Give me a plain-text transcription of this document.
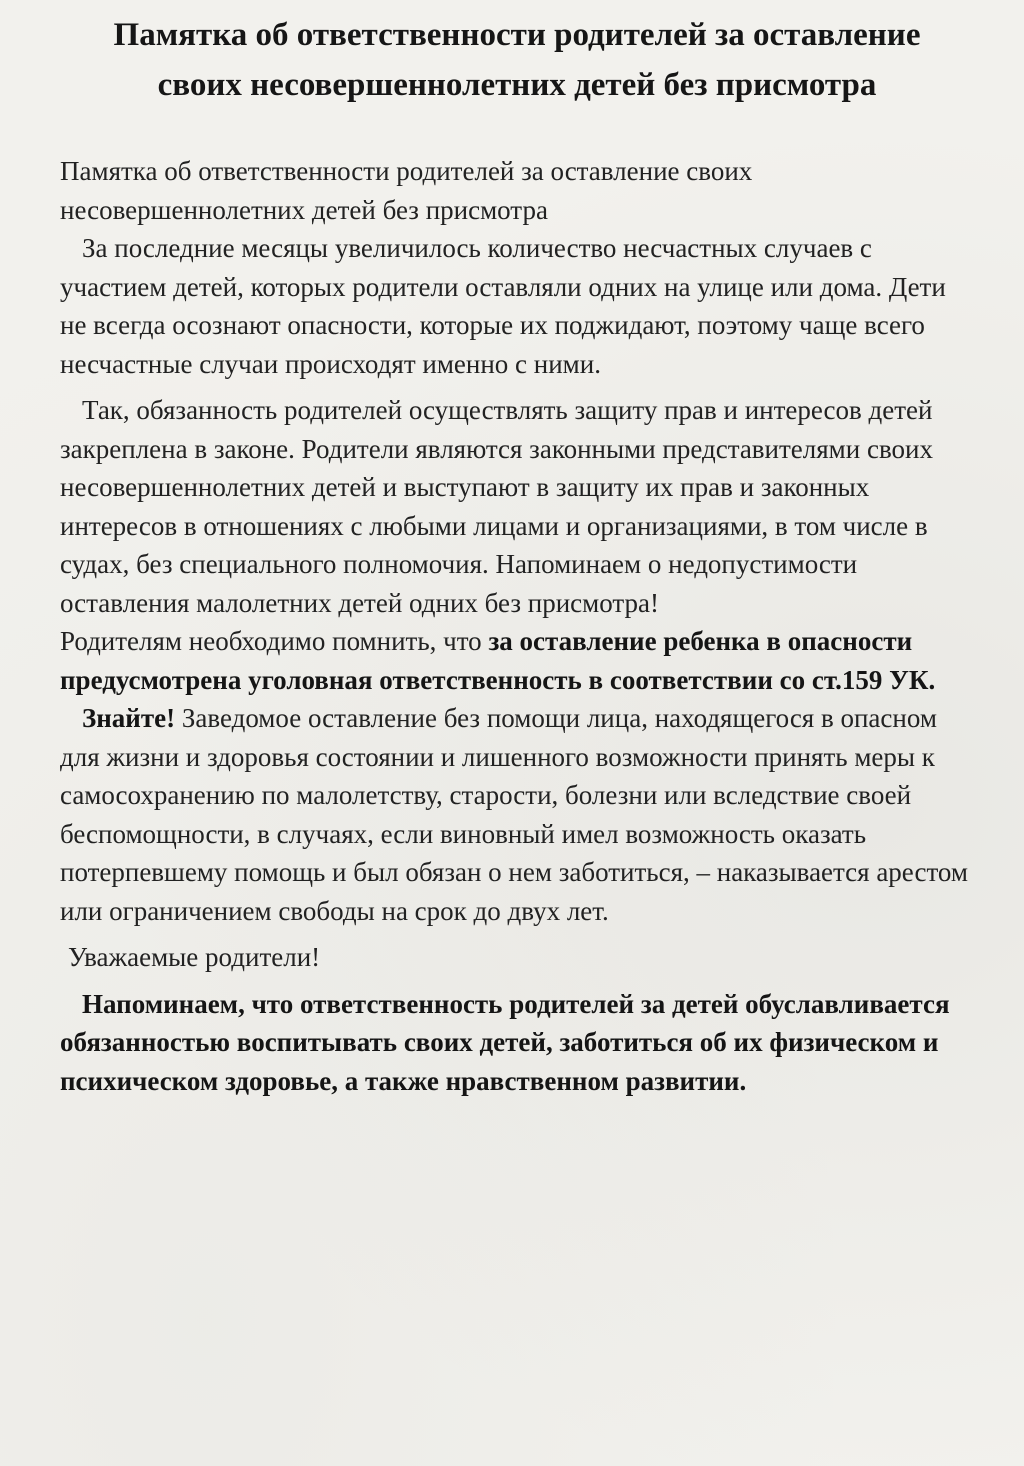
Памятка об ответственности родителей за оставление своих несовершеннолетних детей без присмотра

Памятка об ответственности родителей за оставление своих несовершеннолетних детей без присмотра

За последние месяцы увеличилось количество несчастных случаев с участием детей, которых родители оставляли одних на улице или дома. Дети не всегда осознают опасности, которые их поджидают, поэтому чаще всего несчастные случаи происходят именно с ними.

Так, обязанность родителей осуществлять защиту прав и интересов детей закреплена в законе. Родители являются законными представителями своих несовершеннолетних детей и выступают в защиту их прав и законных интересов в отношениях с любыми лицами и организациями, в том числе в судах, без специального полномочия. Напоминаем о недопустимости оставления малолетних детей одних без присмотра!

Родителям необходимо помнить, что за оставление ребенка в опасности предусмотрена уголовная ответственность в соответствии со ст.159 УК.

Знайте! Заведомое оставление без помощи лица, находящегося в опасном для жизни и здоровья состоянии и лишенного возможности принять меры к самосохранению по малолетству, старости, болезни или вследствие своей беспомощности, в случаях, если виновный имел возможность оказать потерпевшему помощь и был обязан о нем заботиться, – наказывается арестом или ограничением свободы на срок до двух лет.

Уважаемые родители!

Напоминаем, что ответственность родителей за детей обуславливается обязанностью воспитывать своих детей, заботиться об их физическом и психическом здоровье, а также нравственном развитии.
